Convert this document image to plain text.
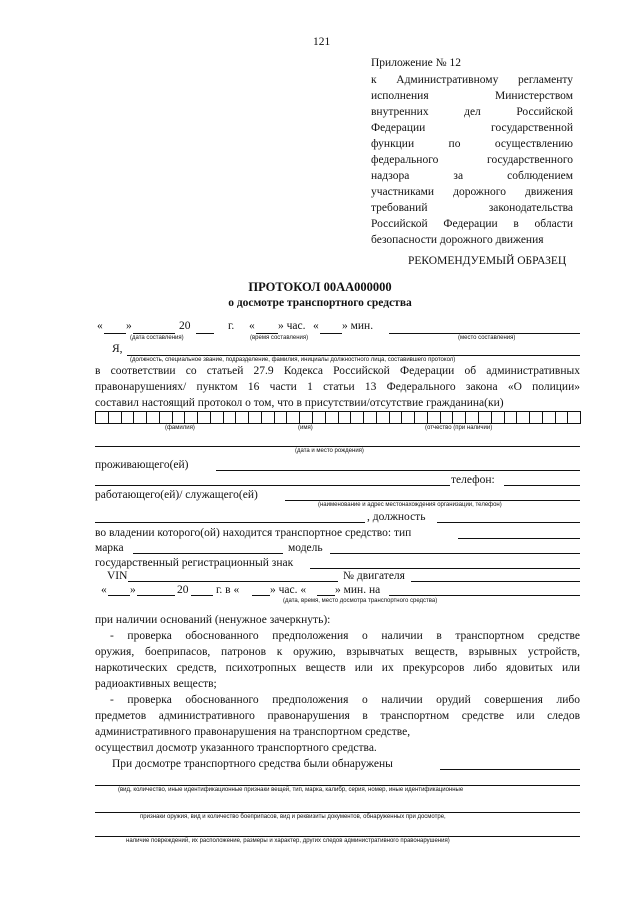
121
Приложение № 12
к Административному регламенту
исполнения Министерством
внутренних дел Российской
Федерации государственной
функции по осуществлению
федерального государственного
надзора за соблюдением
участниками дорожного движения
требований законодательства
Российской Федерации в области
безопасности дорожного движения
РЕКОМЕНДУЕМЫЙ ОБРАЗЕЦ
ПРОТОКОЛ 00АА000000
о досмотре транспортного средства
« »	20	г. « » час. « » мин.
(дата составления)	(время составления)	(место составления)
Я,
(должность, специальное звание, подразделение, фамилия, инициалы должностного лица, составившего протокол)
в соответствии со статьей 27.9 Кодекса Российской Федерации об административных
правонарушениях/ пунктом 16 части 1 статьи 13 Федерального закона «О полиции»
составил настоящий протокол о том, что в присутствии/отсутствие гражданина(ки)
(фамилия)	(имя)	(отчество (при наличии)
(дата и место рождения)
проживающего(ей)
телефон:
работающего(ей)/ служащего(ей)
(наименование и адрес местонахождения организации, телефон)
, должность
во владении которого(ой) находится транспортное средство: тип
марка	модель
государственный регистрационный знак
VIN	№ двигателя
« »	20 г. в «	» час. «	» мин. на
(дата, время, место досмотра транспортного средства)
при наличии оснований (ненужное зачеркнуть):
- проверка обоснованного предположения о наличии в транспортном средстве
оружия, боеприпасов, патронов к оружию, взрывчатых веществ, взрывных устройств,
наркотических средств, психотропных веществ или их прекурсоров либо ядовитых или
радиоактивных веществ;
- проверка обоснованного предположения о наличии орудий совершения либо
предметов административного правонарушения в транспортном средстве или следов
административного правонарушения на транспортном средстве,
осуществил досмотр указанного транспортного средства.
При досмотре транспортного средства были обнаружены
(вид, количество, иные идентификационные признаки вещей, тип, марка, калибр, серия, номер, иные идентификационные
признаки оружия, вид и количество боеприпасов, вид и реквизиты документов, обнаруженных при досмотре,
наличие повреждений, их расположение, размеры и характер, других следов административного правонарушения)
